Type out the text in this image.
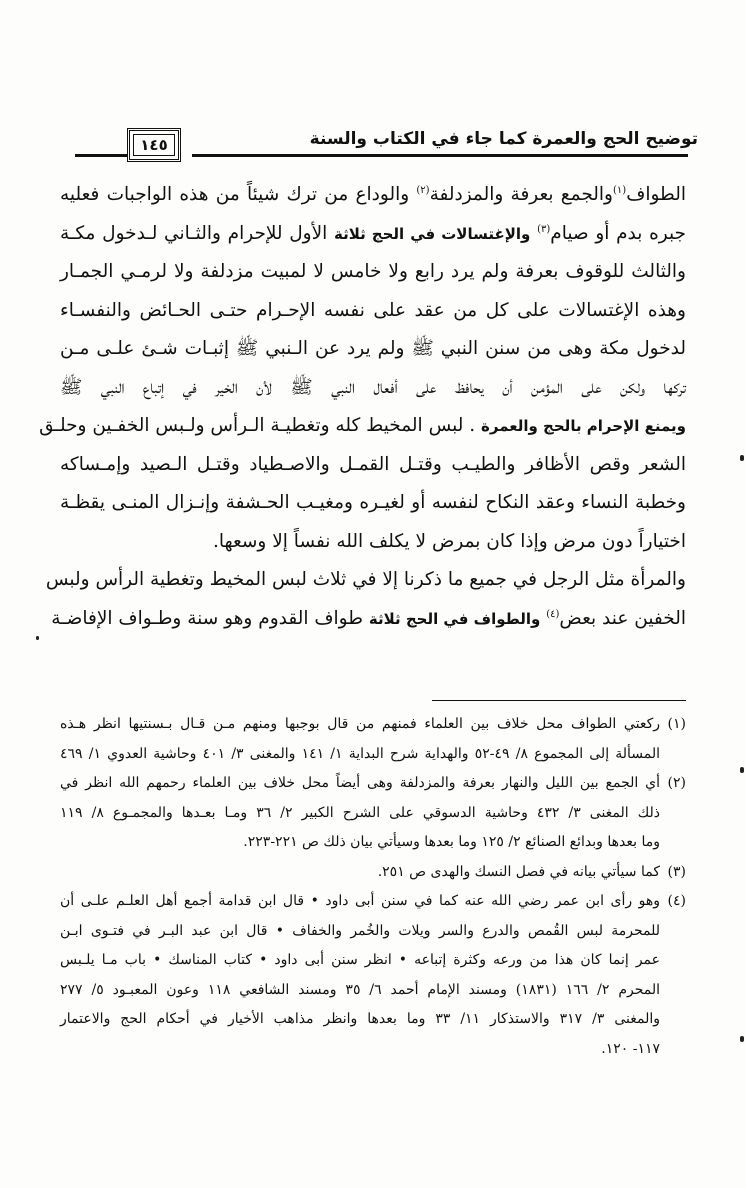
توضيح الحج والعمرة كما جاء في الكتاب والسنة
١٤٥
الطواف$^{(١)}$والجمع بعرفة والمزدلفة$^{(٢)}$ والوداع من ترك شيئاً من هذه الواجبات فعليه
جبره بدم أو صيام$^{(٣)}$ والإغتسالات في الحج ثلاثة الأول للإحرام والثـاني لـدخول مكـة
والثالث للوقوف بعرفة ولم يرد رابع ولا خامس لا لمبيت مزدلفة ولا لرمـي الجمـار
وهذه الإغتسالات على كل من عقد على نفسه الإحـرام حتـى الحـائض والنفسـاء
لدخول مكة وهى من سنن النبي ﷺ ولم يرد عن الـنبي ﷺ إثبـات شـئ علـى مـن
تركها ولكن على المؤمن أن يحافظ على أفعال النبي ﷺ لأن الخير في إتباع النبي ﷺ
ويمنع الإحرام بالحج والعمرة . لبس المخيط كله وتغطيـة الـرأس ولـبس الخفـين وحلـق
الشعر وقص الأظافر والطيـب وقتـل القمـل والاصـطياد وقتـل الـصيد وإمـساكه
وخطبة النساء وعقد النكاح لنفسه أو لغيـره ومغيـب الحـشفة وإنـزال المنـى يقظـة
اختياراً دون مرض وإذا كان بمرض لا يكلف الله نفساً إلا وسعها.
والمرأة مثل الرجل في جميع ما ذكرنا إلا في ثلاث لبس المخيط وتغطية الرأس ولبس
الخفين عند بعض$^{(٤)}$ والطواف في الحج ثلاثة طواف القدوم وهو سنة وطـواف الإفاضـة
(١)
ركعتي الطواف محل خلاف بين العلماء فمنهم من قال بوجبها ومنهم مـن قـال بـسنتيها انظر هـذه
المسألة إلى المجموع ٨/ ٤٩-٥٢ والهداية شرح البداية ١/ ١٤١ والمغنى ٣/ ٤٠١ وحاشية العدوي ١/ ٤٦٩
(٢)
أي الجمع بين الليل والنهار بعرفة والمزدلفة وهى أيضاً محل خلاف بين العلماء رحمهم الله انظر في
ذلك المغنى ٣/ ٤٣٢ وحاشية الدسوقي على الشرح الكبير ٢/ ٣٦ ومـا بعـدها والمجمـوع ٨/ ١١٩
وما بعدها وبدائع الصنائع ٢/ ١٢٥ وما بعدها وسيأتي بيان ذلك ص ٢٢١-٢٢٣.
(٣)
كما سيأتي بيانه في فصل النسك والهدى ص ٢٥١.
(٤)
وهو رأى ابن عمر رضي الله عنه كما في سنن أبى داود • قال ابن قدامة أجمع أهل العلـم علـى أن
للمحرمة لبس القُمص والدرع والسر ويلات والخُمر والخفاف • قال ابن عبد البـر في فتـوى ابـن
عمر إنما كان هذا من ورعه وكثرة إتباعه • انظر سنن أبى داود • كتاب المناسك • باب مـا يلـبس
المحرم ٢/ ١٦٦ (١٨٣١) ومسند الإمام أحمد ٦/ ٣٥ ومسند الشافعي ١١٨ وعون المعبـود ٥/ ٢٧٧
والمغنى ٣/ ٣١٧ والاستذكار ١١/ ٣٣ وما بعدها وانظر مذاهب الأخيار في أحكام الحج والاعتمار
١١٧- ١٢٠.
